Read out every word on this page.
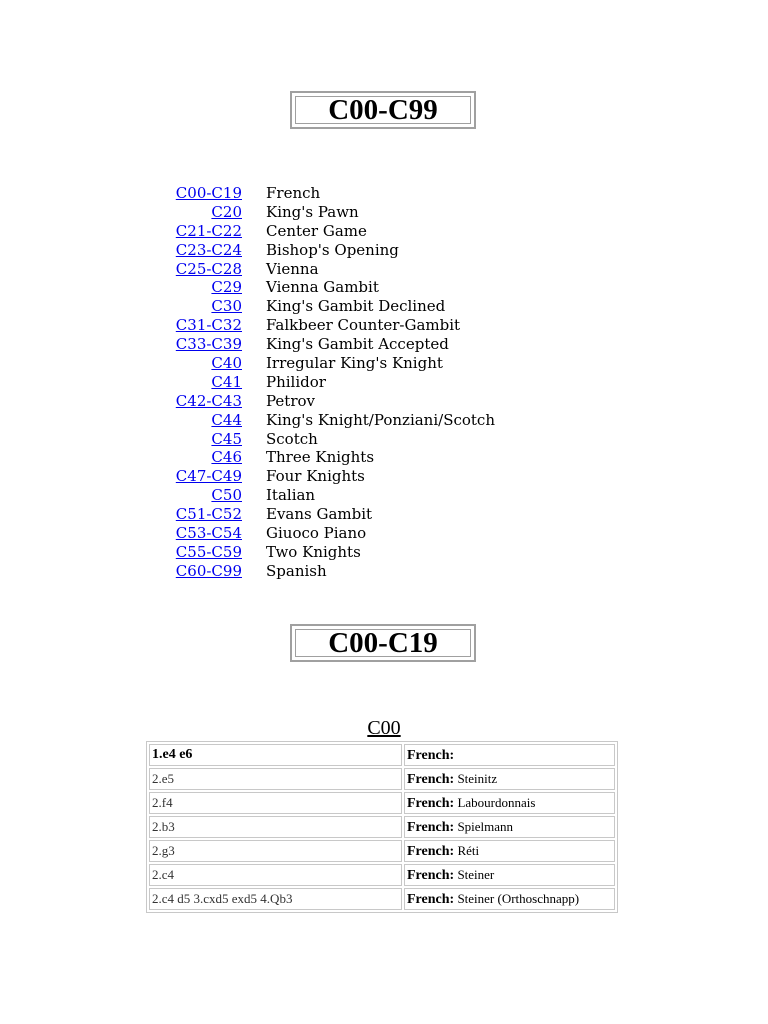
C00-C99
C00-C19 French
C20 King's Pawn
C21-C22 Center Game
C23-C24 Bishop's Opening
C25-C28 Vienna
C29 Vienna Gambit
C30 King's Gambit Declined
C31-C32 Falkbeer Counter-Gambit
C33-C39 King's Gambit Accepted
C40 Irregular King's Knight
C41 Philidor
C42-C43 Petrov
C44 King's Knight/Ponziani/Scotch
C45 Scotch
C46 Three Knights
C47-C49 Four Knights
C50 Italian
C51-C52 Evans Gambit
C53-C54 Giuoco Piano
C55-C59 Two Knights
C60-C99 Spanish
C00-C19
C00
1.e4 e6	French:
2.e5	French: Steinitz
2.f4	French: Labourdonnais
2.b3	French: Spielmann
2.g3	French: Réti
2.c4	French: Steiner
2.c4 d5 3.cxd5 exd5 4.Qb3	French: Steiner (Orthoschnapp)
